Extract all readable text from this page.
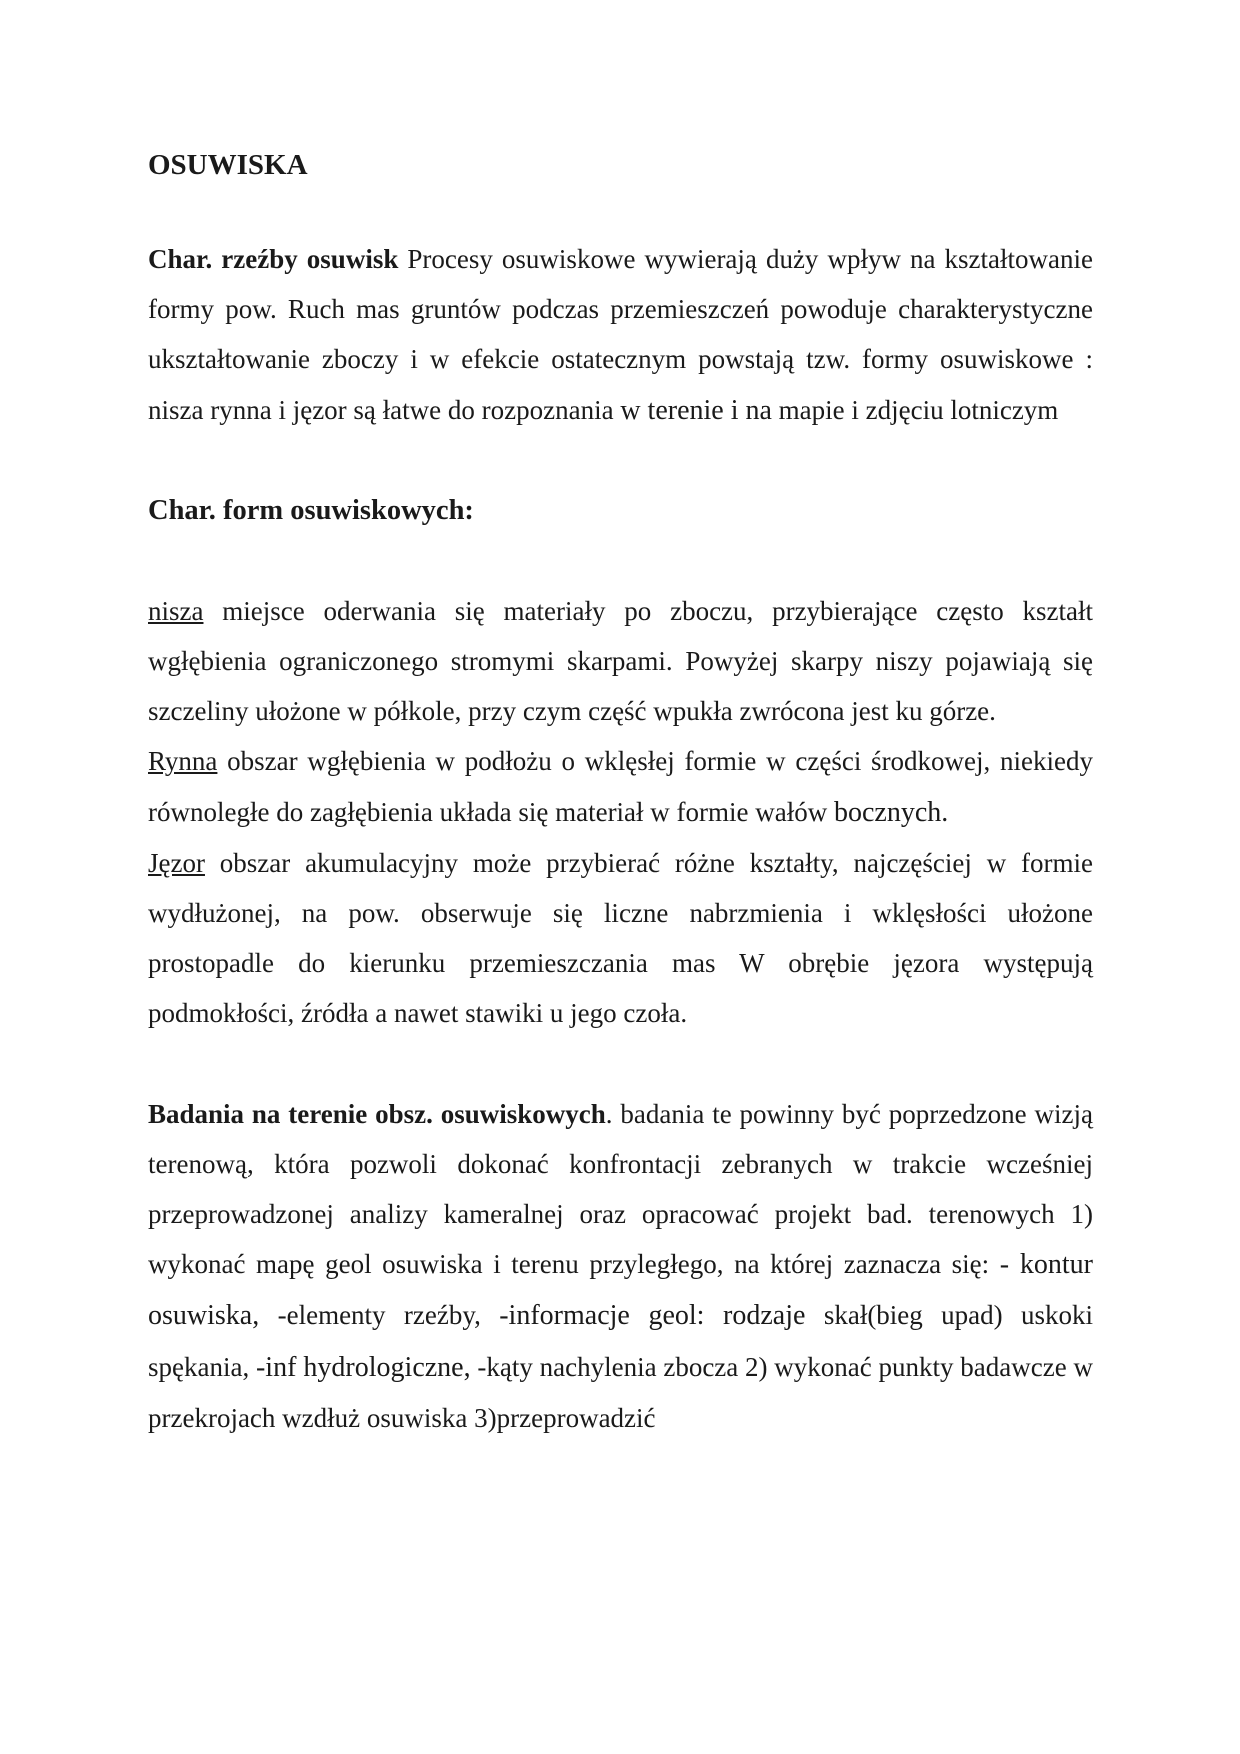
OSUWISKA

Char. rzeźby osuwisk Procesy osuwiskowe wywierają duży wpływ na kształtowanie formy pow. Ruch mas gruntów podczas przemieszczeń powoduje charakterystyczne ukształtowanie zboczy i w efekcie ostatecznym powstają tzw. formy osuwiskowe : nisza rynna i jęzor są łatwe do rozpoznania w terenie i na mapie i zdjęciu lotniczym

Char. form osuwiskowych:

nisza miejsce oderwania się materiały po zboczu, przybierające często kształt wgłębienia ograniczonego stromymi skarpami. Powyżej skarpy niszy pojawiają się szczeliny ułożone w półkole, przy czym część wpukła zwrócona jest ku górze.

Rynna obszar wgłębienia w podłożu o wklęsłej formie w części środkowej, niekiedy równoległe do zagłębienia układa się materiał w formie wałów bocznych.

Jęzor obszar akumulacyjny może przybierać różne kształty, najczęściej w formie wydłużonej, na pow. obserwuje się liczne nabrzmienia i wklęsłości ułożone prostopadle do kierunku przemieszczania mas W obrębie jęzora występują podmokłości, źródła a nawet stawiki u jego czoła.

Badania na terenie obsz. osuwiskowych. badania te powinny być poprzedzone wizją terenową, która pozwoli dokonać konfrontacji zebranych w trakcie wcześniej przeprowadzonej analizy kameralnej oraz opracować projekt bad. terenowych 1) wykonać mapę geol osuwiska i terenu przyległego, na której zaznacza się: - kontur osuwiska, -elementy rzeźby, -informacje geol: rodzaje skał(bieg upad) uskoki spękania, -inf hydrologiczne, -kąty nachylenia zbocza 2) wykonać punkty badawcze w przekrojach wzdłuż osuwiska 3)przeprowadzić
